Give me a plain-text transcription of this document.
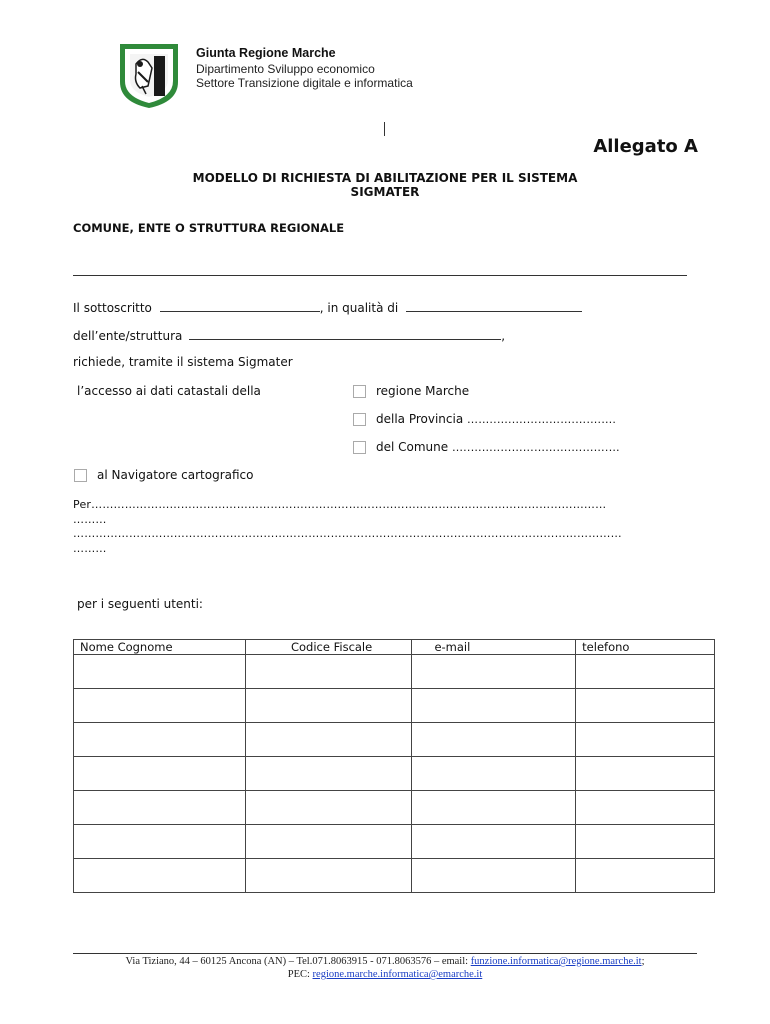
Giunta Regione Marche
Dipartimento Sviluppo economico
Settore Transizione digitale e informatica
Allegato A
MODELLO DI RICHIESTA DI ABILITAZIONE PER IL SISTEMA
SIGMATER
COMUNE, ENTE O STRUTTURA REGIONALE
Il sottoscritto	, in qualità di
dell’ente/struttura	,
richiede, tramite il sistema Sigmater
l’accesso ai dati catastali della	regione Marche
della Provincia ……..…..…………….…….….
del Comune …..……..……………….……….…
al Navigatore cartografico
Per…………………………………………………………………………………………………………………………
………
…………………………………………………………………………………………………………………………………
………
per i seguenti utenti:
Nome Cognome	Codice Fiscale	e-mail	telefono

Via Tiziano, 44 – 60125 Ancona (AN) – Tel.071.8063915 - 071.8063576 – email: funzione.informatica@regione.marche.it;
PEC: regione.marche.informatica@emarche.it
